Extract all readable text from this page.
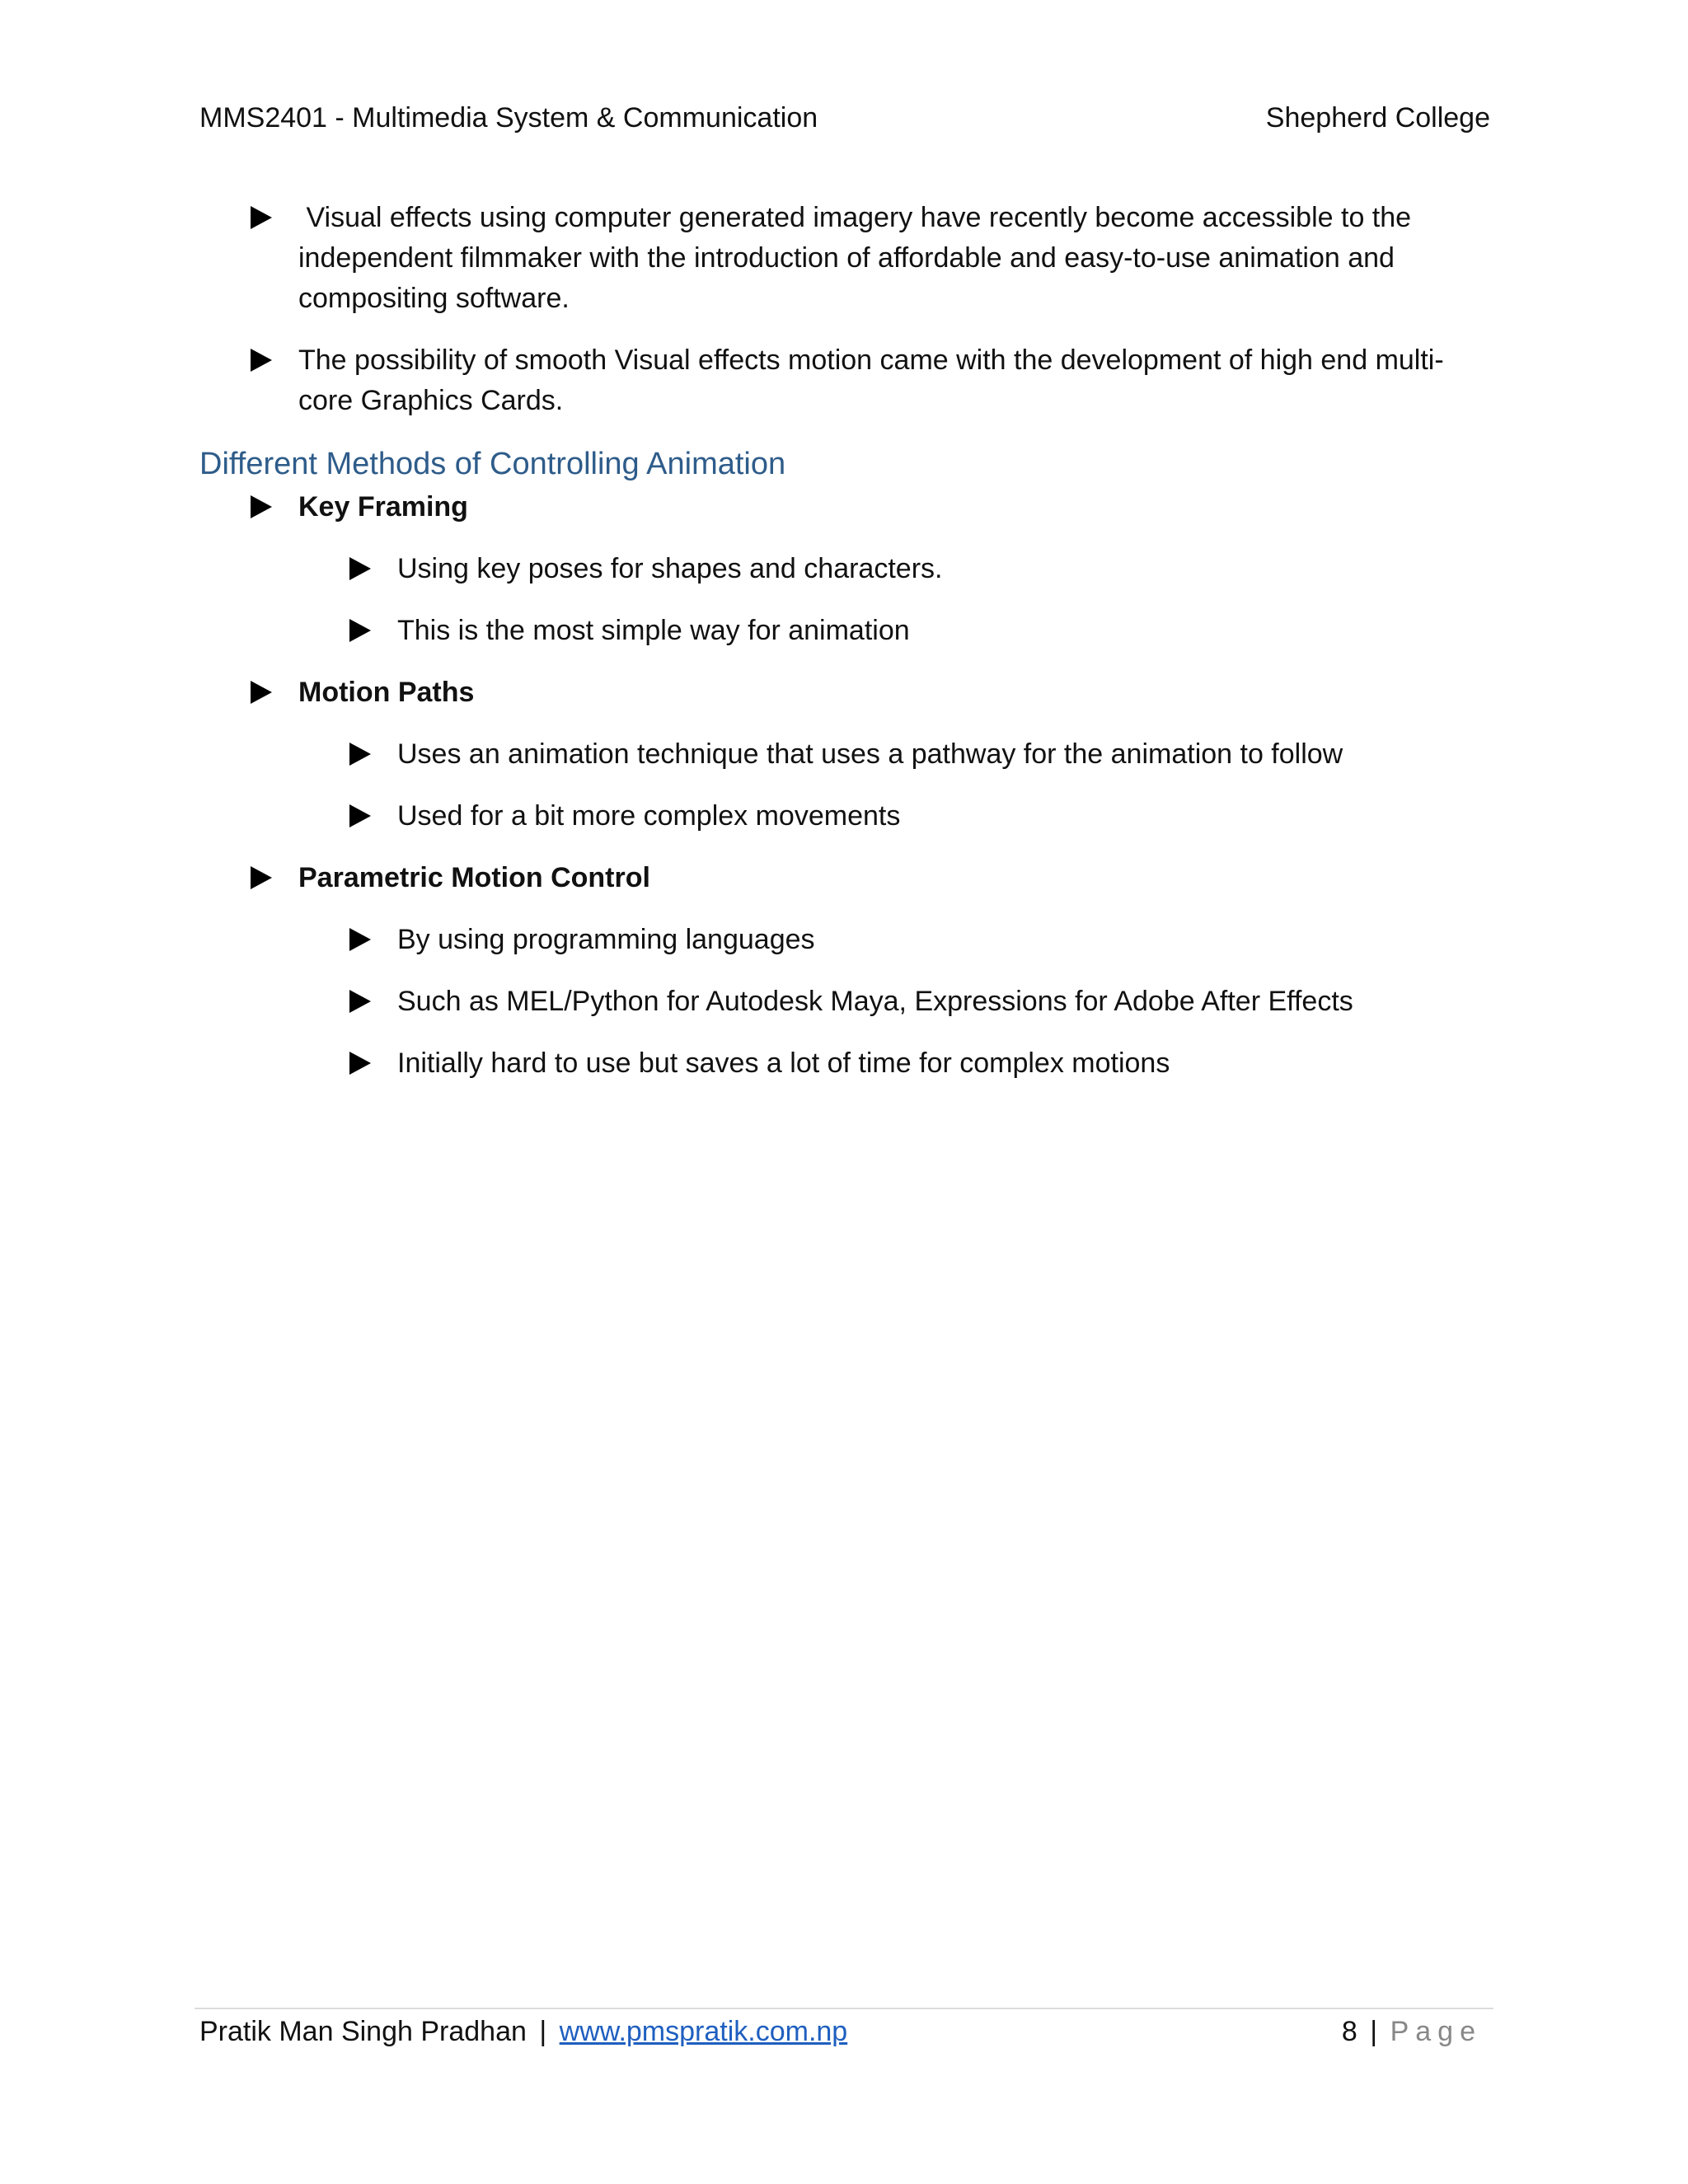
MMS2401 - Multimedia System & Communication	Shepherd College
Visual effects using computer generated imagery have recently become accessible to the independent filmmaker with the introduction of affordable and easy-to-use animation and compositing software.
The possibility of smooth Visual effects motion came with the development of high end multi-core Graphics Cards.
Different Methods of Controlling Animation
Key Framing
Using key poses for shapes and characters.
This is the most simple way for animation
Motion Paths
Uses an animation technique that uses a pathway for the animation to follow
Used for a bit more complex movements
Parametric Motion Control
By using programming languages
Such as MEL/Python for Autodesk Maya, Expressions for Adobe After Effects
Initially hard to use but saves a lot of time for complex motions
Pratik Man Singh Pradhan | www.pmspratik.com.np	8 | Page
